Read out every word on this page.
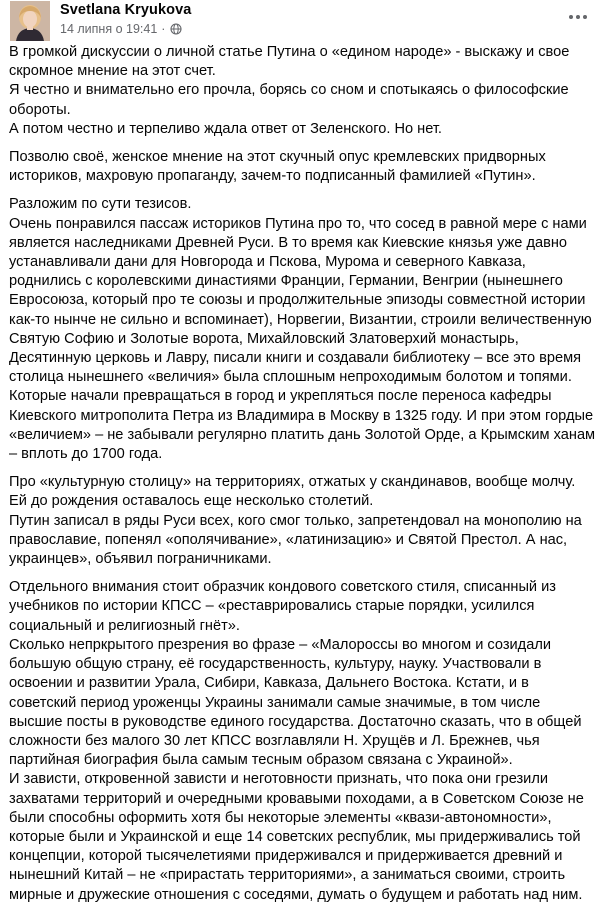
Svetlana Kryukova
14 липня о 19:41 ·

В громкой дискуссии о личной статье Путина о «едином народе» - выскажу и свое скромное мнение на этот счет.
Я честно и внимательно его прочла, борясь со сном и спотыкаясь о философские обороты.
А потом честно и терпеливо ждала ответ от Зеленского. Но нет.

Позволю своё, женское мнение на этот скучный опус кремлевских придворных историков, махровую пропаганду, зачем-то подписанный фамилией «Путин».

Разложим по сути тезисов.
Очень понравился пассаж историков Путина про то, что сосед в равной мере с нами является наследниками Древней Руси. В то время как Киевские князья уже давно устанавливали дани для Новгорода и Пскова, Мурома и северного Кавказа, роднились с королевскими династиями Франции, Германии, Венгрии (нынешнего Евросоюза, который про те союзы и продолжительные эпизоды совместной истории как-то нынче не сильно и вспоминает), Норвегии, Византии, строили величественную Святую Софию и Золотые ворота, Михайловский Златоверхий монастырь, Десятинную церковь и Лавру, писали книги и создавали библиотеку – все это время столица нынешнего «величия» была сплошным непроходимым болотом и топями. Которые начали превращаться в город и укрепляться после переноса кафедры Киевского митрополита Петра из Владимира в Москву в 1325 году. И при этом гордые «величием» – не забывали регулярно платить дань Золотой Орде, а Крымским ханам – вплоть до 1700 года.

Про «культурную столицу» на территориях, отжатых у скандинавов, вообще молчу. Ей до рождения оставалось еще несколько столетий.
Путин записал в ряды Руси всех, кого смог только, запретендовал на монополию на православие, попенял «ополячивание», «латинизацию» и Святой Престол. А нас, украинцев», объявил пограничниками.

Отдельного внимания стоит образчик кондового советского стиля, списанный из учебников по истории КПСС – «реставрировались старые порядки, усилился социальный и религиозный гнёт».
Сколько непркрытого презрения во фразе – «Малороссы во многом и созидали большую общую страну, её государственность, культуру, науку. Участвовали в освоении и развитии Урала, Сибири, Кавказа, Дальнего Востока. Кстати, и в советский период уроженцы Украины занимали самые значимые, в том числе высшие посты в руководстве единого государства. Достаточно сказать, что в общей сложности без малого 30 лет КПСС возглавляли Н. Хрущёв и Л. Брежнев, чья партийная биография была самым тесным образом связана с Украиной».
И зависти, откровенной зависти и неготовности признать, что пока они грезили захватами территорий и очередными кровавыми походами, а в Советском Союзе не были способны оформить хотя бы некоторые элементы «квази-автономности», которые были и Украинской и еще 14 советских республик, мы придерживались той концепции, которой тысячелетиями придерживался и придерживается древний и нынешний Китай – не «прирастать территориями», а заниматься своими, строить мирные и дружеские отношения с соседями, думать о будущем и работать над ним.
